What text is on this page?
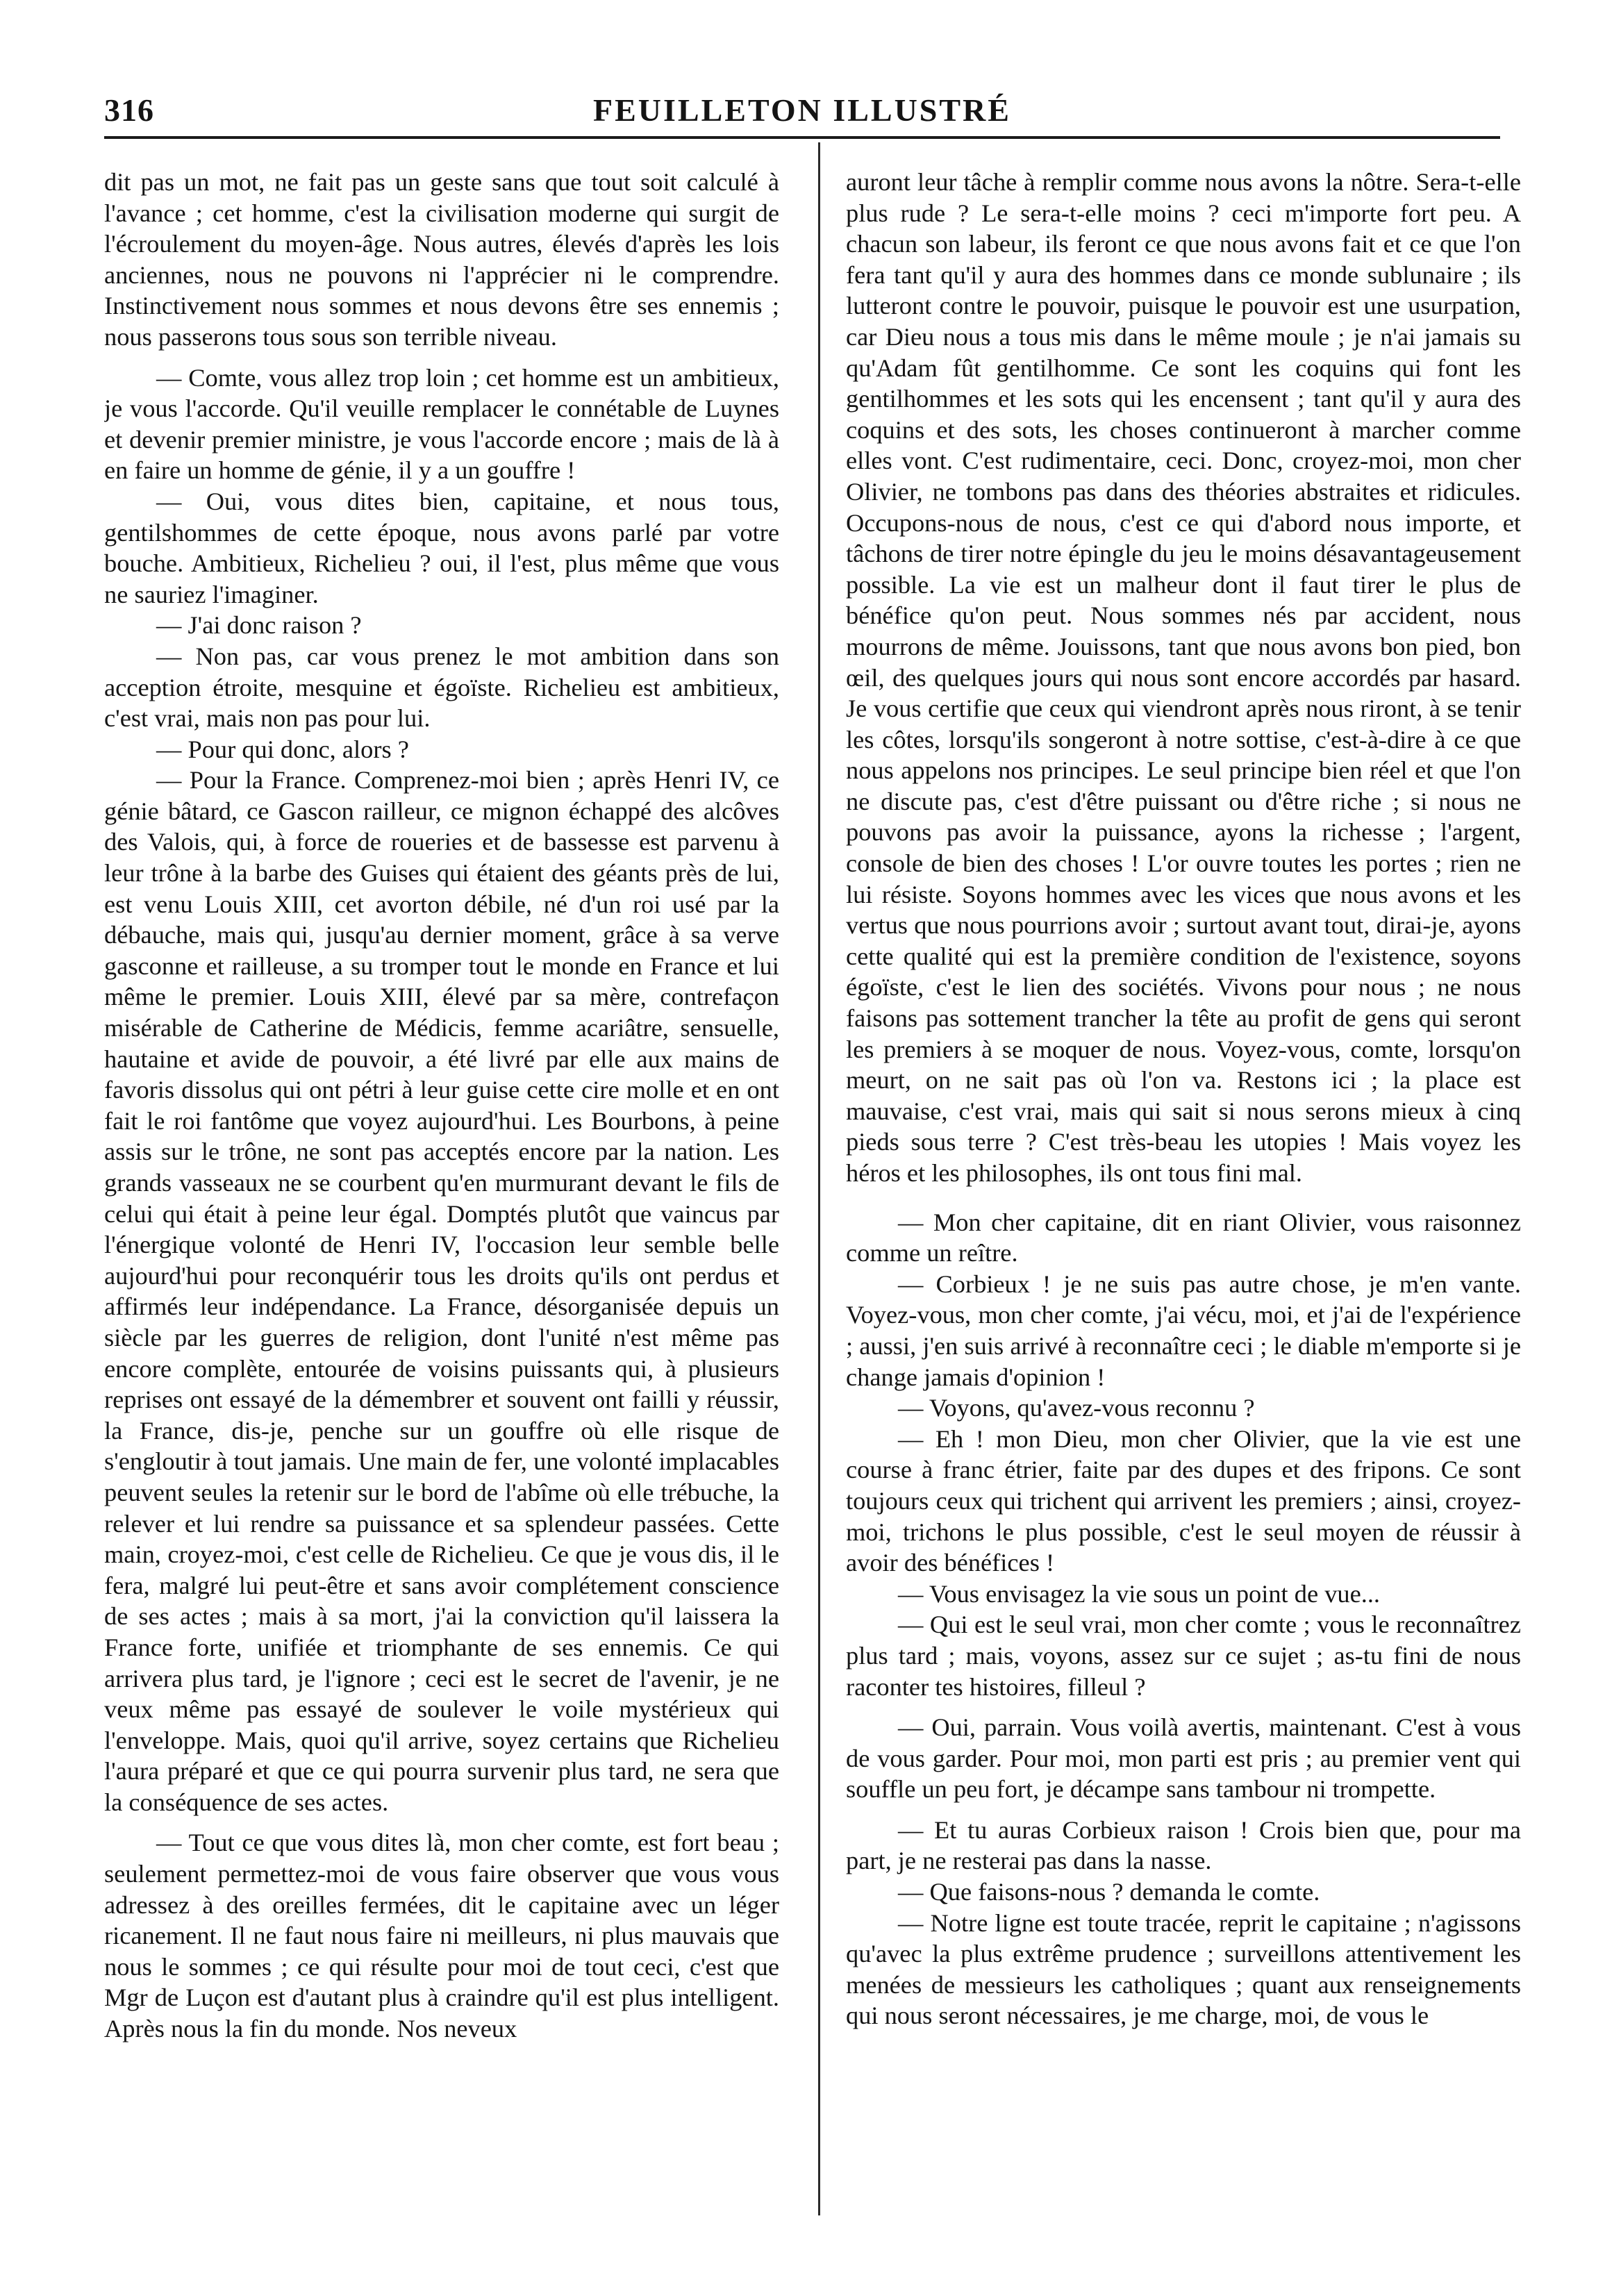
316	FEUILLETON ILLUSTRÉ

dit pas un mot, ne fait pas un geste sans que tout soit calculé à l'avance ; cet homme, c'est la civilisation moderne qui surgit de l'écroulement du moyen-âge. Nous autres, élevés d'après les lois anciennes, nous ne pouvons ni l'apprécier ni le comprendre. Instinctivement nous sommes et nous devons être ses ennemis ; nous passerons tous sous son terrible niveau.

— Comte, vous allez trop loin ; cet homme est un ambitieux, je vous l'accorde. Qu'il veuille remplacer le connétable de Luynes et devenir premier ministre, je vous l'accorde encore ; mais de là à en faire un homme de génie, il y a un gouffre !

— Oui, vous dites bien, capitaine, et nous tous, gentilshommes de cette époque, nous avons parlé par votre bouche. Ambitieux, Richelieu ? oui, il l'est, plus même que vous ne sauriez l'imaginer.

— J'ai donc raison ?

— Non pas, car vous prenez le mot ambition dans son acception étroite, mesquine et égoïste. Richelieu est ambitieux, c'est vrai, mais non pas pour lui.

— Pour qui donc, alors ?

— Pour la France. Comprenez-moi bien ; après Henri IV, ce génie bâtard, ce Gascon railleur, ce mignon échappé des alcôves des Valois, qui, à force de roueries et de bassesse est parvenu à leur trône à la barbe des Guises qui étaient des géants près de lui, est venu Louis XIII, cet avorton débile, né d'un roi usé par la débauche, mais qui, jusqu'au dernier moment, grâce à sa verve gasconne et railleuse, a su tromper tout le monde en France et lui même le premier. Louis XIII, élevé par sa mère, contrefaçon misérable de Catherine de Médicis, femme acariâtre, sensuelle, hautaine et avide de pouvoir, a été livré par elle aux mains de favoris dissolus qui ont pétri à leur guise cette cire molle et en ont fait le roi fantôme que voyez aujourd'hui. Les Bourbons, à peine assis sur le trône, ne sont pas acceptés encore par la nation. Les grands vasseaux ne se courbent qu'en murmurant devant le fils de celui qui était à peine leur égal. Domptés plutôt que vaincus par l'énergique volonté de Henri IV, l'occasion leur semble belle aujourd'hui pour reconquérir tous les droits qu'ils ont perdus et affirmés leur indépendance. La France, désorganisée depuis un siècle par les guerres de religion, dont l'unité n'est même pas encore complète, entourée de voisins puissants qui, à plusieurs reprises ont essayé de la démembrer et souvent ont failli y réussir, la France, dis-je, penche sur un gouffre où elle risque de s'engloutir à tout jamais. Une main de fer, une volonté implacables peuvent seules la retenir sur le bord de l'abîme où elle trébuche, la relever et lui rendre sa puissance et sa splendeur passées. Cette main, croyez-moi, c'est celle de Richelieu. Ce que je vous dis, il le fera, malgré lui peut-être et sans avoir complétement conscience de ses actes ; mais à sa mort, j'ai la conviction qu'il laissera la France forte, unifiée et triomphante de ses ennemis. Ce qui arrivera plus tard, je l'ignore ; ceci est le secret de l'avenir, je ne veux même pas essayé de soulever le voile mystérieux qui l'enveloppe. Mais, quoi qu'il arrive, soyez certains que Richelieu l'aura préparé et que ce qui pourra survenir plus tard, ne sera que la conséquence de ses actes.

— Tout ce que vous dites là, mon cher comte, est fort beau ; seulement permettez-moi de vous faire observer que vous vous adressez à des oreilles fermées, dit le capitaine avec un léger ricanement. Il ne faut nous faire ni meilleurs, ni plus mauvais que nous le sommes ; ce qui résulte pour moi de tout ceci, c'est que Mgr de Luçon est d'autant plus à craindre qu'il est plus intelligent. Après nous la fin du monde. Nos neveux

auront leur tâche à remplir comme nous avons la nôtre. Sera-t-elle plus rude ? Le sera-t-elle moins ? ceci m'importe fort peu. A chacun son labeur, ils feront ce que nous avons fait et ce que l'on fera tant qu'il y aura des hommes dans ce monde sublunaire ; ils lutteront contre le pouvoir, puisque le pouvoir est une usurpation, car Dieu nous a tous mis dans le même moule ; je n'ai jamais su qu'Adam fût gentilhomme. Ce sont les coquins qui font les gentilhommes et les sots qui les encensent ; tant qu'il y aura des coquins et des sots, les choses continueront à marcher comme elles vont. C'est rudimentaire, ceci. Donc, croyez-moi, mon cher Olivier, ne tombons pas dans des théories abstraites et ridicules. Occupons-nous de nous, c'est ce qui d'abord nous importe, et tâchons de tirer notre épingle du jeu le moins désavantageusement possible. La vie est un malheur dont il faut tirer le plus de bénéfice qu'on peut. Nous sommes nés par accident, nous mourrons de même. Jouissons, tant que nous avons bon pied, bon œil, des quelques jours qui nous sont encore accordés par hasard. Je vous certifie que ceux qui viendront après nous riront, à se tenir les côtes, lorsqu'ils songeront à notre sottise, c'est-à-dire à ce que nous appelons nos principes. Le seul principe bien réel et que l'on ne discute pas, c'est d'être puissant ou d'être riche ; si nous ne pouvons pas avoir la puissance, ayons la richesse ; l'argent, console de bien des choses ! L'or ouvre toutes les portes ; rien ne lui résiste. Soyons hommes avec les vices que nous avons et les vertus que nous pourrions avoir ; surtout avant tout, dirai-je, ayons cette qualité qui est la première condition de l'existence, soyons égoïste, c'est le lien des sociétés. Vivons pour nous ; ne nous faisons pas sottement trancher la tête au profit de gens qui seront les premiers à se moquer de nous. Voyez-vous, comte, lorsqu'on meurt, on ne sait pas où l'on va. Restons ici ; la place est mauvaise, c'est vrai, mais qui sait si nous serons mieux à cinq pieds sous terre ? C'est très-beau les utopies ! Mais voyez les héros et les philosophes, ils ont tous fini mal.

— Mon cher capitaine, dit en riant Olivier, vous raisonnez comme un reître.

— Corbieux ! je ne suis pas autre chose, je m'en vante. Voyez-vous, mon cher comte, j'ai vécu, moi, et j'ai de l'expérience ; aussi, j'en suis arrivé à reconnaître ceci ; le diable m'emporte si je change jamais d'opinion !

— Voyons, qu'avez-vous reconnu ?

— Eh ! mon Dieu, mon cher Olivier, que la vie est une course à franc étrier, faite par des dupes et des fripons. Ce sont toujours ceux qui trichent qui arrivent les premiers ; ainsi, croyez-moi, trichons le plus possible, c'est le seul moyen de réussir à avoir des bénéfices !

— Vous envisagez la vie sous un point de vue...

— Qui est le seul vrai, mon cher comte ; vous le reconnaîtrez plus tard ; mais, voyons, assez sur ce sujet ; as-tu fini de nous raconter tes histoires, filleul ?

— Oui, parrain. Vous voilà avertis, maintenant. C'est à vous de vous garder. Pour moi, mon parti est pris ; au premier vent qui souffle un peu fort, je décampe sans tambour ni trompette.

— Et tu auras Corbieux raison ! Crois bien que, pour ma part, je ne resterai pas dans la nasse.

— Que faisons-nous ? demanda le comte.

— Notre ligne est toute tracée, reprit le capitaine ; n'agissons qu'avec la plus extrême prudence ; surveillons attentivement les menées de messieurs les catholiques ; quant aux renseignements qui nous seront nécessaires, je me charge, moi, de vous le
